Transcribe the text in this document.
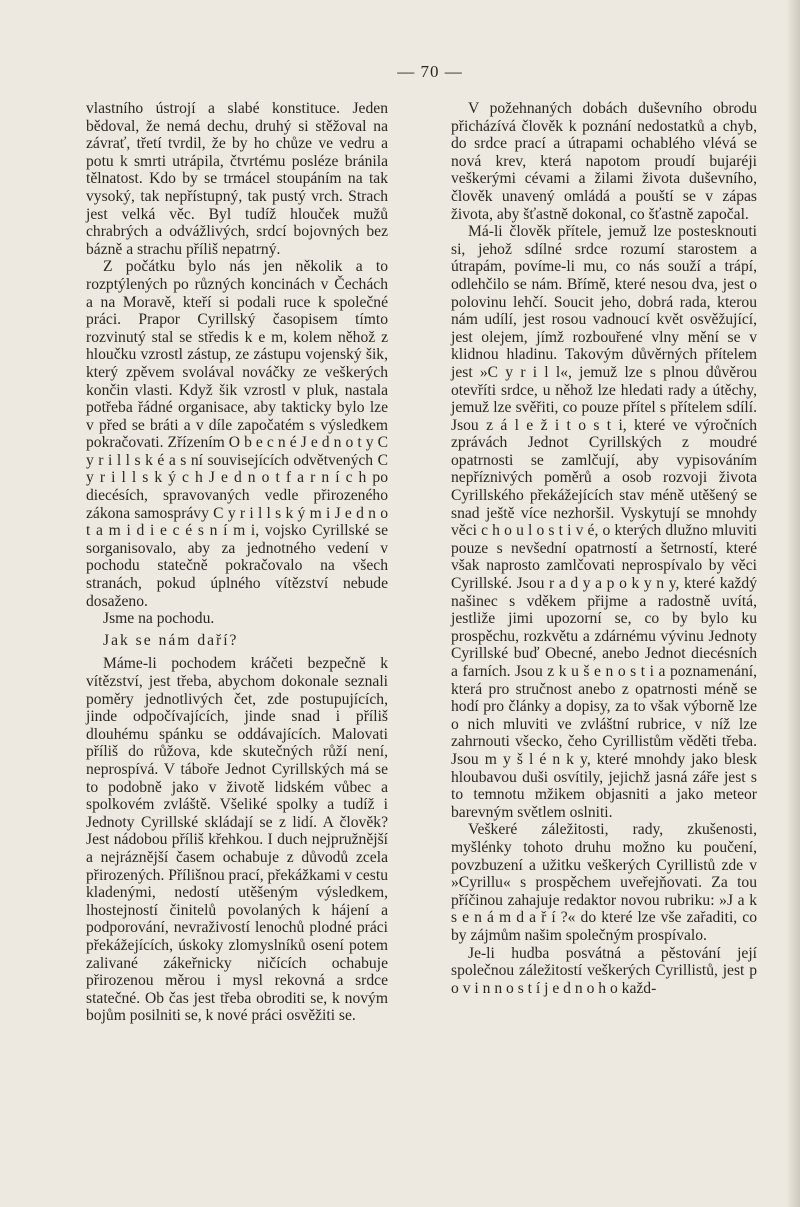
— 70 —

vlastního ústrojí a slabé konstituce. Jeden bědoval, že nemá dechu, druhý si stěžoval na závrať, třetí tvrdil, že by ho chůze ve vedru a potu k smrti utrápila, čtvrtému posléze bránila tělnatost. Kdo by se trmácel stoupáním na tak vysoký, tak nepřístupný, tak pustý vrch. Strach jest velká věc. Byl tudíž hlouček mužů chrabrých a odvážlivých, srdcí bojovných bez bázně a strachu příliš nepatrný.

Z počátku bylo nás jen několik a to rozptýlených po různých koncinách v Čechách a na Moravě, kteří si podali ruce k společné práci. Prapor Cyrillský časopisem tímto rozvinutý stal se středis k e m, kolem něhož z hloučku vzrostl zástup, ze zástupu vojenský šik, který zpěvem svolával nováčky ze veškerých končin vlasti. Když šik vzrostl v pluk, nastala potřeba řádné organisace, aby takticky bylo lze v před se bráti a v díle započatém s výsledkem pokračovati. Zřízením O b e c n é J e d n o t y C y r i l l s k é a s ní souvisejících odvětvených C y r i l l s k ý c h J e d n o t f a r n í c h po diecésích, spravovaných vedle přirozeného zákona samosprávy C y r i l l s k ý m i J e d n o t a m i d i e c é s n í m i, vojsko Cyrillské se sorganisovalo, aby za jednotného vedení v pochodu statečně pokračovalo na všech stranách, pokud úplného vítězství nebude dosaženo.

Jsme na pochodu.

Jak se nám daří?

Máme-li pochodem kráčeti bezpečně k vítězství, jest třeba, abychom dokonale seznali poměry jednotlivých čet, zde postupujících, jinde odpočívajících, jinde snad i příliš dlouhému spánku se oddávajících. Malovati příliš do růžova, kde skutečných růží není, neprospívá. V táboře Jednot Cyrillských má se to podobně jako v životě lidském vůbec a spolkovém zvláště. Všeliké spolky a tudíž i Jednoty Cyrillské skládají se z lidí. A člověk? Jest nádobou příliš křehkou. I duch nejpružnější a nejráznější časem ochabuje z důvodů zcela přirozených. Přílišnou prací, překážkami v cestu kladenými, nedostí utěšeným výsledkem, lhostejností činitelů povolaných k hájení a podporování, nevraživostí lenochů plodné práci překážejících, úskoky zlomyslníků osení potem zalivané zákeřnicky ničících ochabuje přirozenou měrou i mysl rekovná a srdce statečné. Ob čas jest třeba obroditi se, k novým bojům posilniti se, k nové práci osvěžiti se.

V požehnaných dobách duševního obrodu přicházívá člověk k poznání nedostatků a chyb, do srdce prací a útrapami ochablého vlévá se nová krev, která napotom proudí bujaréji veškerými cévami a žilami života duševního, člověk unavený omládá a pouští se v zápas života, aby šťastně dokonal, co šťastně započal.

Má-li člověk přítele, jemuž lze postesknouti si, jehož sdílné srdce rozumí starostem a útrapám, povíme-li mu, co nás souží a trápí, odlehčilo se nám. Břímě, které nesou dva, jest o polovinu lehčí. Soucit jeho, dobrá rada, kterou nám udílí, jest rosou vadnoucí květ osvěžující, jest olejem, jímž rozbouřené vlny mění se v klidnou hladinu. Takovým důvěrných přítelem jest »C y r i l l«, jemuž lze s plnou důvěrou otevříti srdce, u něhož lze hledati rady a útěchy, jemuž lze svěřiti, co pouze přítel s přítelem sdílí. Jsou z á l e ž i t o s t i, které ve výročních zprávách Jednot Cyrillských z moudré opatrnosti se zamlčují, aby vypisováním nepříznivých poměrů a osob rozvoji života Cyrillského překážejících stav méně utěšený se snad ještě více nezhoršil. Vyskytují se mnohdy věci c h o u l o s t i v é, o kterých dlužno mluviti pouze s nevšední opatrností a šetrností, které však naprosto zamlčovati neprospívalo by věci Cyrillské. Jsou r a d y a p o k y n y, které každý našinec s vděkem přijme a radostně uvítá, jestliže jimi upozorní se, co by bylo ku prospěchu, rozkvětu a zdárnému vývinu Jednoty Cyrillské buď Obecné, anebo Jednot diecésních a farních. Jsou z k u š e n o s t i a poznamenání, která pro stručnost anebo z opatrnosti méně se hodí pro články a dopisy, za to však výborně lze o nich mluviti ve zvláštní rubrice, v níž lze zahrnouti všecko, čeho Cyrillistům věděti třeba. Jsou m y š l é n k y, které mnohdy jako blesk hloubavou duši osvítily, jejichž jasná záře jest s to temnotu mžikem objasniti a jako meteor barevným světlem oslniti.

Veškeré záležitosti, rady, zkušenosti, myšlénky tohoto druhu možno ku poučení, povzbuzení a užitku veškerých Cyrillistů zde v »Cyrillu« s prospěchem uveřejňovati. Za tou příčinou zahajuje redaktor novou rubriku: »J a k s e n á m d a ř í ?« do které lze vše zařaditi, co by zájmům našim společným prospívalo.

Je-li hudba posvátná a pěstování její společnou záležitostí veškerých Cyrillistů, jest p o v i n n o s t í j e d n o h o každ-
